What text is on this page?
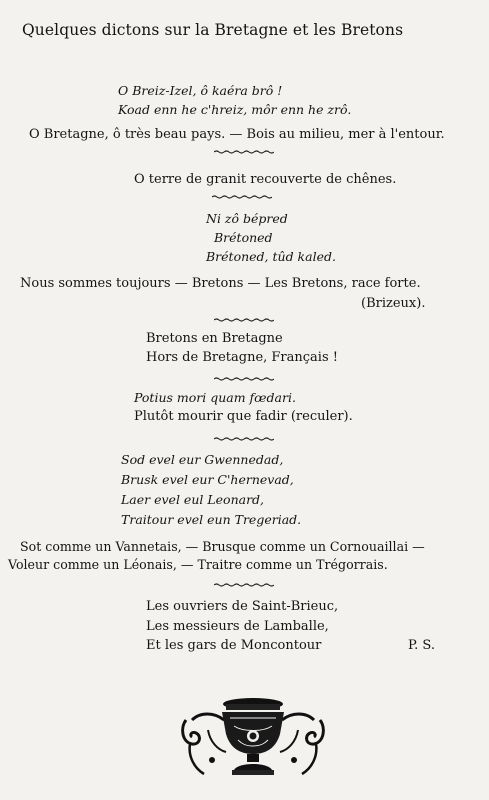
Quelques dictons sur la Bretagne et les Bretons
O Breiz-Izel, ô kaéra brô !
Koad enn he c'hreiz, môr enn he zrô.
O Bretagne, ô très beau pays. — Bois au milieu, mer à l'entour.
O terre de granit recouverte de chênes.
Ni zô bépred
Brétoned
Brétoned, tûd kaled.
Nous sommes toujours — Bretons — Les Bretons, race forte.
(Brizeux).
Bretons en Bretagne
Hors de Bretagne, Français !
Potius mori quam fœdari.
Plutôt mourir que fadir (reculer).
Sod evel eur Gwennedad,
Brusk evel eur C'hernevad,
Laer evel eul Leonard,
Traitour evel eun Tregeriad.
Sot comme un Vannetais, — Brusque comme un Cornouaillai —
Voleur comme un Léonais, — Traitre comme un Trégorrais.
Les ouvriers de Saint-Brieuc,
Les messieurs de Lamballe,
Et les gars de Moncontour	P. S.
